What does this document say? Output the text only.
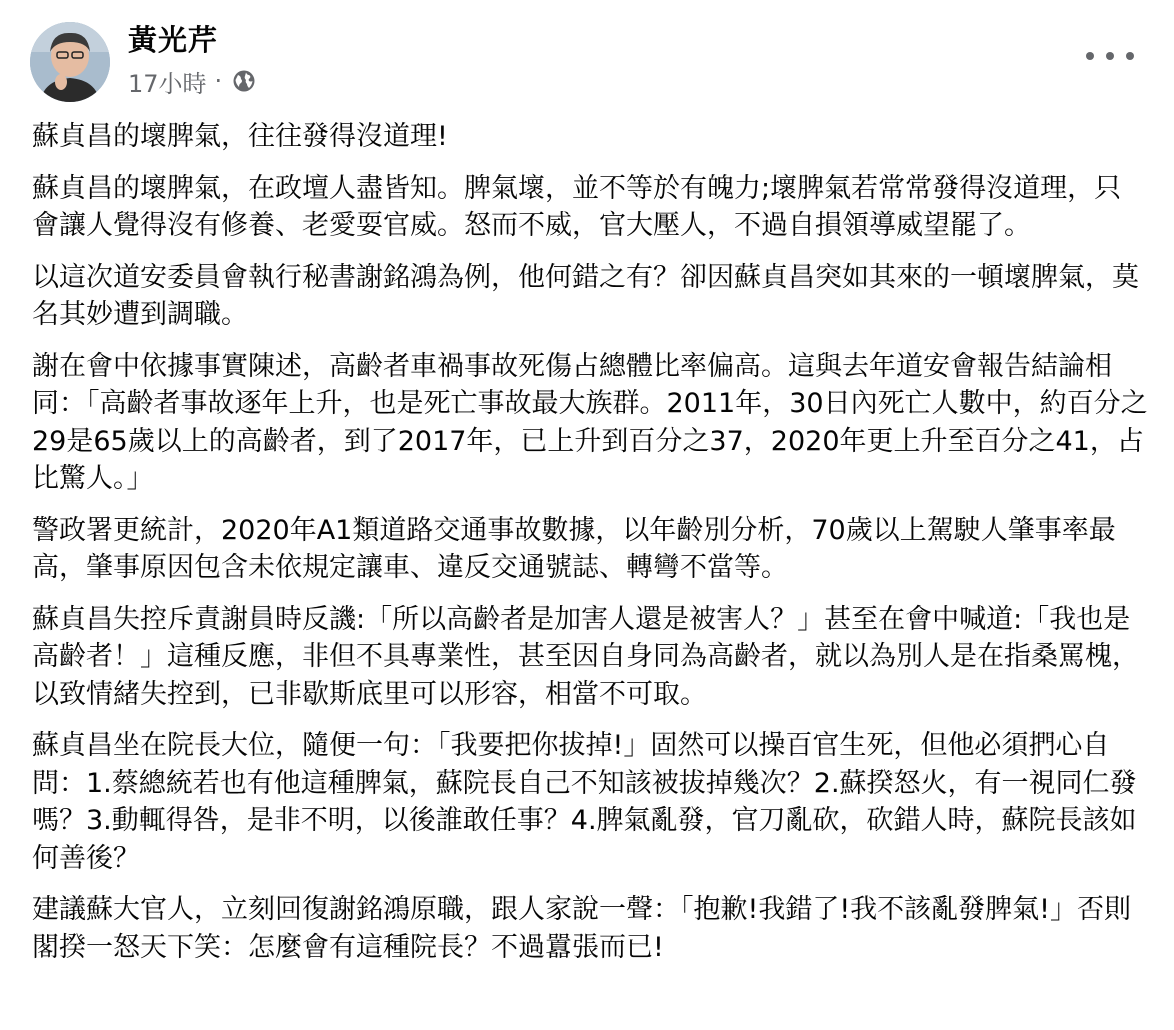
黃光芹
17小時 ·

蘇貞昌的壞脾氣，往往發得沒道理!

蘇貞昌的壞脾氣，在政壇人盡皆知。脾氣壞，並不等於有魄力;壞脾氣若常常發得沒道理，只會讓人覺得沒有修養、老愛耍官威。怒而不威，官大壓人，不過自損領導威望罷了。

以這次道安委員會執行秘書謝銘鴻為例，他何錯之有？卻因蘇貞昌突如其來的一頓壞脾氣，莫名其妙遭到調職。

謝在會中依據事實陳述，高齡者車禍事故死傷占總體比率偏高。這與去年道安會報告結論相同：「高齡者事故逐年上升，也是死亡事故最大族群。2011年，30日內死亡人數中，約百分之29是65歲以上的高齡者，到了2017年，已上升到百分之37，2020年更上升至百分之41，占比驚人。」

警政署更統計，2020年A1類道路交通事故數據，以年齡別分析，70歲以上駕駛人肇事率最高，肇事原因包含未依規定讓車、違反交通號誌、轉彎不當等。

蘇貞昌失控斥責謝員時反譏:「所以高齡者是加害人還是被害人？」甚至在會中喊道:「我也是高齡者！」這種反應，非但不具專業性，甚至因自身同為高齡者，就以為別人是在指桑罵槐，以致情緒失控到，已非歇斯底里可以形容，相當不可取。

蘇貞昌坐在院長大位，隨便一句：「我要把你拔掉!」固然可以操百官生死，但他必須捫心自問：1.蔡總統若也有他這種脾氣，蘇院長自己不知該被拔掉幾次？2.蘇揆怒火，有一視同仁發嗎？3.動輒得咎，是非不明，以後誰敢任事？4.脾氣亂發，官刀亂砍，砍錯人時，蘇院長該如何善後？

建議蘇大官人，立刻回復謝銘鴻原職，跟人家說一聲：「抱歉!我錯了!我不該亂發脾氣!」否則閣揆一怒天下笑：怎麼會有這種院長？不過囂張而已!
